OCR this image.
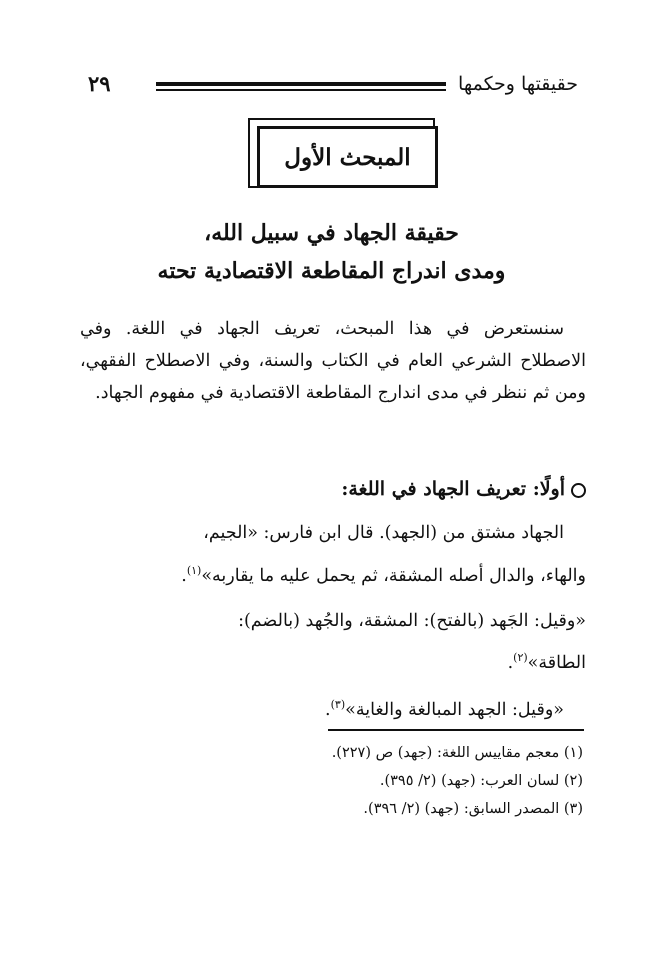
حقيقتها وحكمها
٢٩
المبحث الأول
حقيقة الجهاد في سبيل الله،
ومدى اندراج المقاطعة الاقتصادية تحته
سنستعرض في هذا المبحث، تعريف الجهاد في اللغة. وفي الاصطلاح الشرعي العام في الكتاب والسنة، وفي الاصطلاح الفقهي، ومن ثم ننظر في مدى اندارج المقاطعة الاقتصادية في مفهوم الجهاد.
أولًا: تعريف الجهاد في اللغة:
الجهاد مشتق من (الجهد). قال ابن فارس: «الجيم،
والهاء، والدال أصله المشقة، ثم يحمل عليه ما يقاربه»$^{(١)}$.
«وقيل: الجَهد (بالفتح): المشقة، والجُهد (بالضم):
الطاقة»$^{(٢)}$.
«وقيل: الجهد المبالغة والغاية»$^{(٣)}$.
(١) معجم مقاييس اللغة: (جهد) ص (٢٢٧).
(٢) لسان العرب: (جهد) (٢/ ٣٩٥).
(٣) المصدر السابق: (جهد) (٢/ ٣٩٦).
